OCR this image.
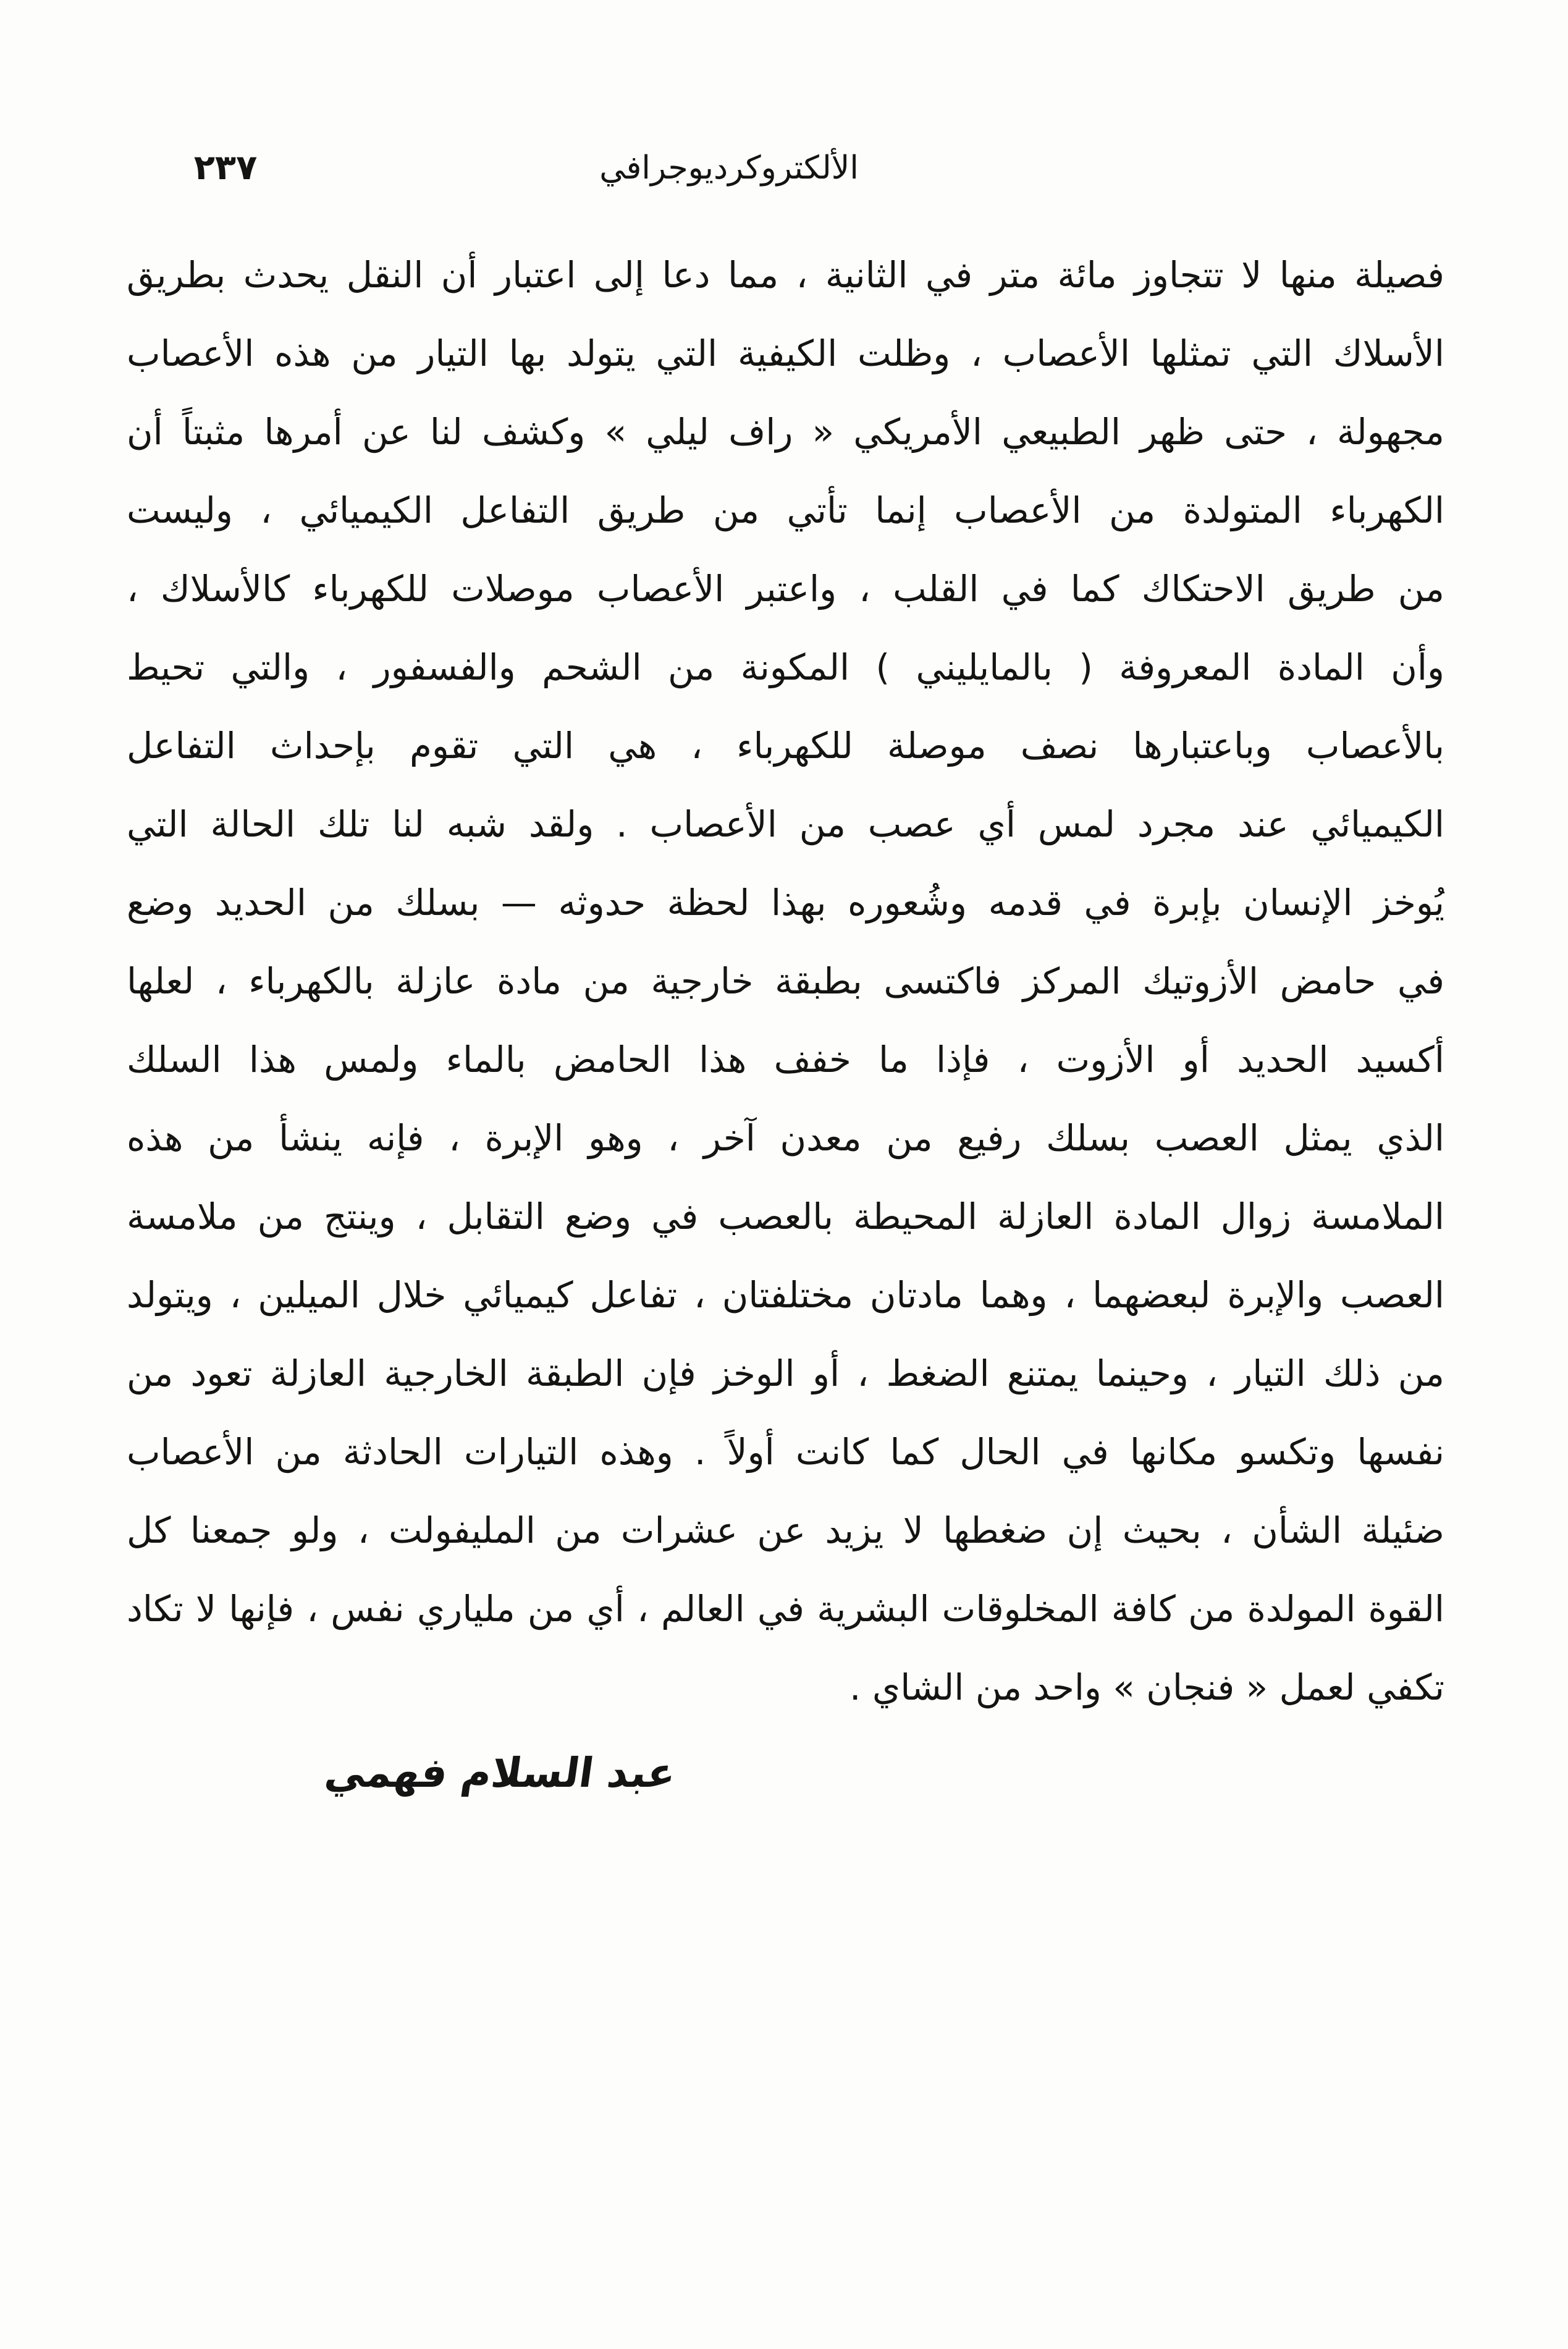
٢٣٧	الألكتروكرديوجرافي
فصيلة منها لا تتجاوز مائة متر في الثانية ، مما دعا إلى اعتبار أن النقل يحدث بطريق
الأسلاك التي تمثلها الأعصاب ، وظلت الكيفية التي يتولد بها التيار من هذه الأعصاب
مجهولة ، حتى ظهر الطبيعي الأمريكي « راف ليلي » وكشف لنا عن أمرها مثبتاً أن
الكهرباء المتولدة من الأعصاب إنما تأتي من طريق التفاعل الكيميائي ، وليست
من طريق الاحتكاك كما في القلب ، واعتبر الأعصاب موصلات للكهرباء كالأسلاك ،
وأن المادة المعروفة ( بالمايليني ) المكونة من الشحم والفسفور ، والتي تحيط
بالأعصاب وباعتبارها نصف موصلة للكهرباء ، هي التي تقوم بإحداث التفاعل
الكيميائي عند مجرد لمس أي عصب من الأعصاب . ولقد شبه لنا تلك الحالة التي
يُوخز الإنسان بإبرة في قدمه وشُعوره بهذا لحظة حدوثه — بسلك من الحديد وضع
في حامض الأزوتيك المركز فاكتسى بطبقة خارجية من مادة عازلة بالكهرباء ، لعلها
أكسيد الحديد أو الأزوت ، فإذا ما خفف هذا الحامض بالماء ولمس هذا السلك
الذي يمثل العصب بسلك رفيع من معدن آخر ، وهو الإبرة ، فإنه ينشأ من هذه
الملامسة زوال المادة العازلة المحيطة بالعصب في وضع التقابل ، وينتج من ملامسة
العصب والإبرة لبعضهما ، وهما مادتان مختلفتان ، تفاعل كيميائي خلال الميلين ، ويتولد
من ذلك التيار ، وحينما يمتنع الضغط ، أو الوخز فإن الطبقة الخارجية العازلة تعود من
نفسها وتكسو مكانها في الحال كما كانت أولاً . وهذه التيارات الحادثة من الأعصاب
ضئيلة الشأن ، بحيث إن ضغطها لا يزيد عن عشرات من المليفولت ، ولو جمعنا كل
القوة المولدة من كافة المخلوقات البشرية في العالم ، أي من ملياري نفس ، فإنها لا تكاد
تكفي لعمل « فنجان » واحد من الشاي .
عبد السلام فهمي
